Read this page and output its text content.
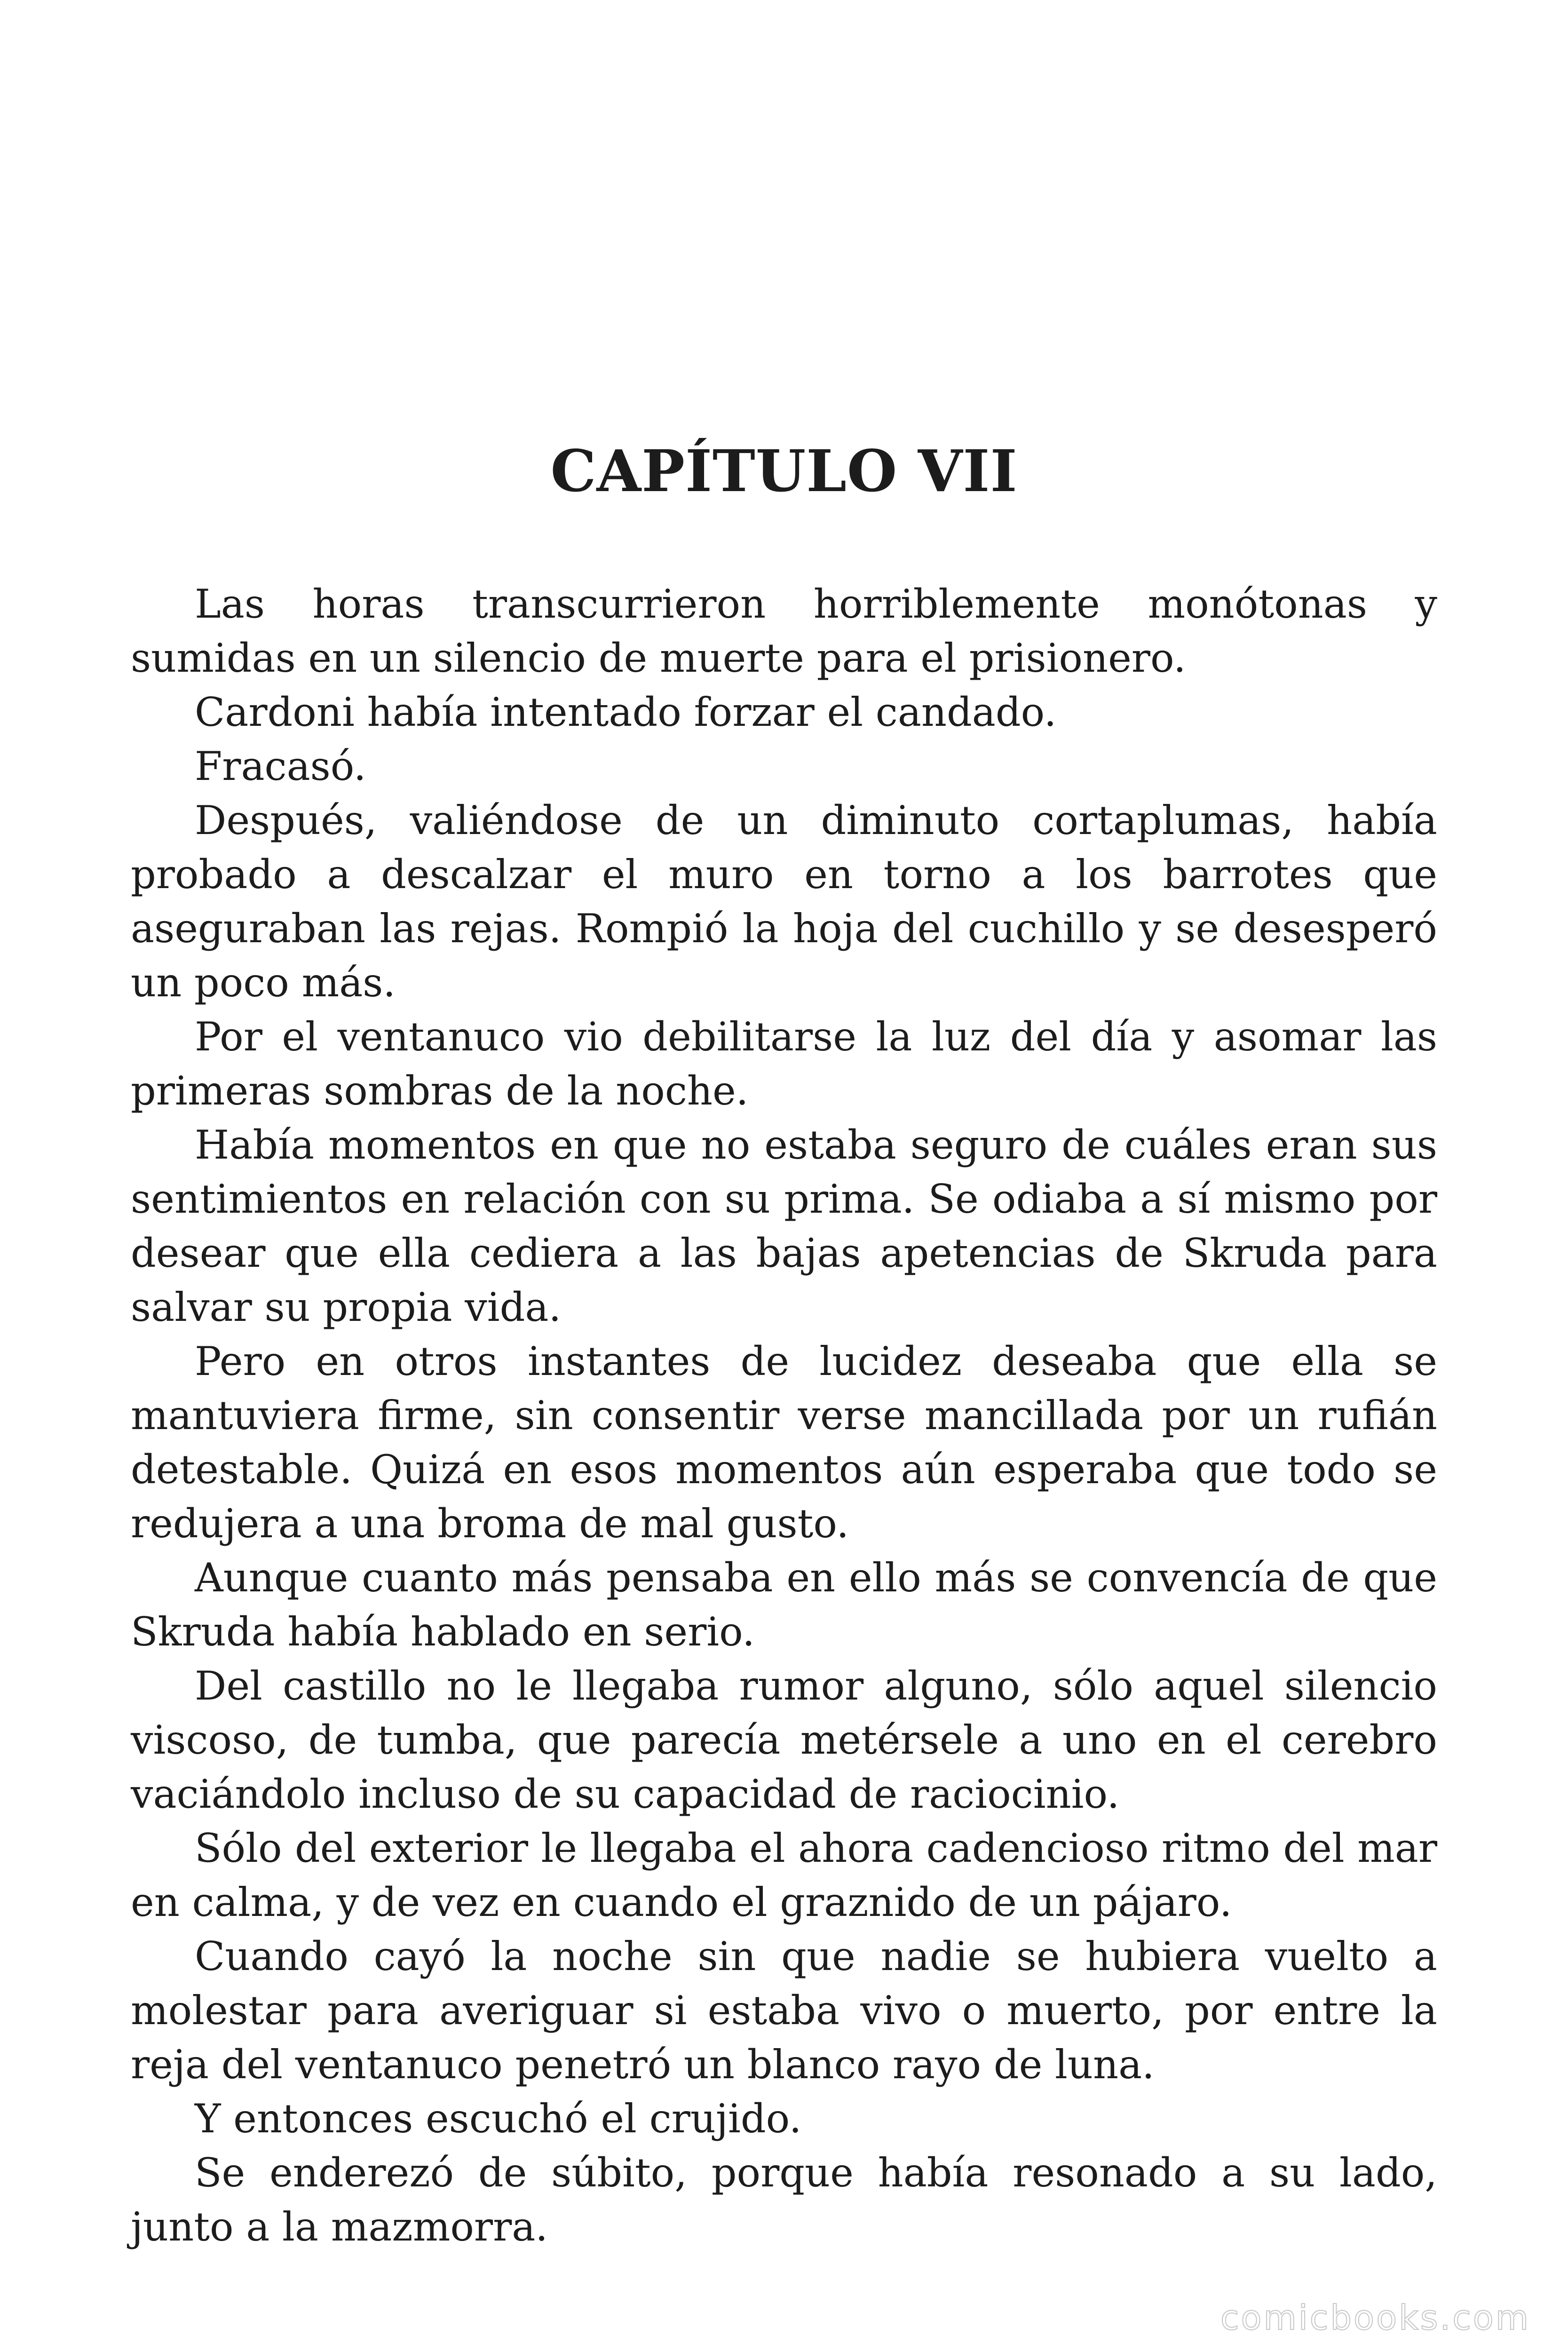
CAPÍTULO VII

Las horas transcurrieron horriblemente monótonas y sumidas en un silencio de muerte para el prisionero.

Cardoni había intentado forzar el candado.

Fracasó.

Después, valiéndose de un diminuto cortaplumas, había probado a descalzar el muro en torno a los barrotes que aseguraban las rejas. Rompió la hoja del cuchillo y se desesperó un poco más.

Por el ventanuco vio debilitarse la luz del día y asomar las primeras sombras de la noche.

Había momentos en que no estaba seguro de cuáles eran sus sentimientos en relación con su prima. Se odiaba a sí mismo por desear que ella cediera a las bajas apetencias de Skruda para salvar su propia vida.

Pero en otros instantes de lucidez deseaba que ella se mantuviera firme, sin consentir verse mancillada por un rufián detestable. Quizá en esos momentos aún esperaba que todo se redujera a una broma de mal gusto.

Aunque cuanto más pensaba en ello más se convencía de que Skruda había hablado en serio.

Del castillo no le llegaba rumor alguno, sólo aquel silencio viscoso, de tumba, que parecía metérsele a uno en el cerebro vaciándolo incluso de su capacidad de raciocinio.

Sólo del exterior le llegaba el ahora cadencioso ritmo del mar en calma, y de vez en cuando el graznido de un pájaro.

Cuando cayó la noche sin que nadie se hubiera vuelto a molestar para averiguar si estaba vivo o muerto, por entre la reja del ventanuco penetró un blanco rayo de luna.

Y entonces escuchó el crujido.

Se enderezó de súbito, porque había resonado a su lado, junto a la mazmorra.

comicbooks.com
